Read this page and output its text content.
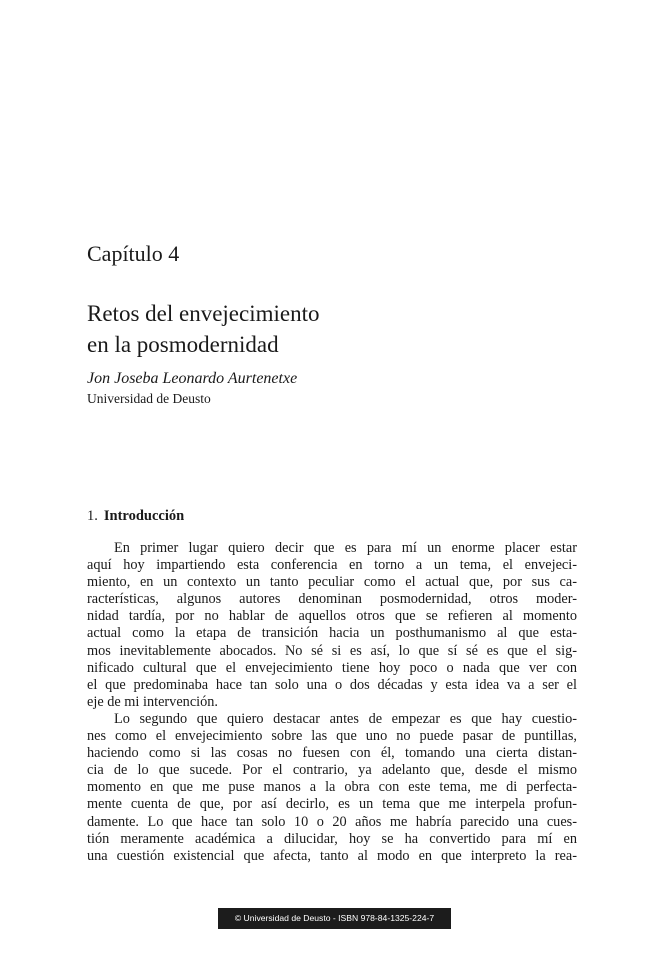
Capítulo 4
Retos del envejecimiento
en la posmodernidad
Jon Joseba Leonardo Aurtenetxe
Universidad de Deusto
1. Introducción
En primer lugar quiero decir que es para mí un enorme placer estar
aquí hoy impartiendo esta conferencia en torno a un tema, el envejeci-
miento, en un contexto un tanto peculiar como el actual que, por sus ca-
racterísticas, algunos autores denominan posmodernidad, otros moder-
nidad tardía, por no hablar de aquellos otros que se refieren al momento
actual como la etapa de transición hacia un posthumanismo al que esta-
mos inevitablemente abocados. No sé si es así, lo que sí sé es que el sig-
nificado cultural que el envejecimiento tiene hoy poco o nada que ver con
el que predominaba hace tan solo una o dos décadas y esta idea va a ser el
eje de mi intervención.
Lo segundo que quiero destacar antes de empezar es que hay cuestio-
nes como el envejecimiento sobre las que uno no puede pasar de puntillas,
haciendo como si las cosas no fuesen con él, tomando una cierta distan-
cia de lo que sucede. Por el contrario, ya adelanto que, desde el mismo
momento en que me puse manos a la obra con este tema, me di perfecta-
mente cuenta de que, por así decirlo, es un tema que me interpela profun-
damente. Lo que hace tan solo 10 o 20 años me habría parecido una cues-
tión meramente académica a dilucidar, hoy se ha convertido para mí en
una cuestión existencial que afecta, tanto al modo en que interpreto la rea-
© Universidad de Deusto - ISBN 978-84-1325-224-7
